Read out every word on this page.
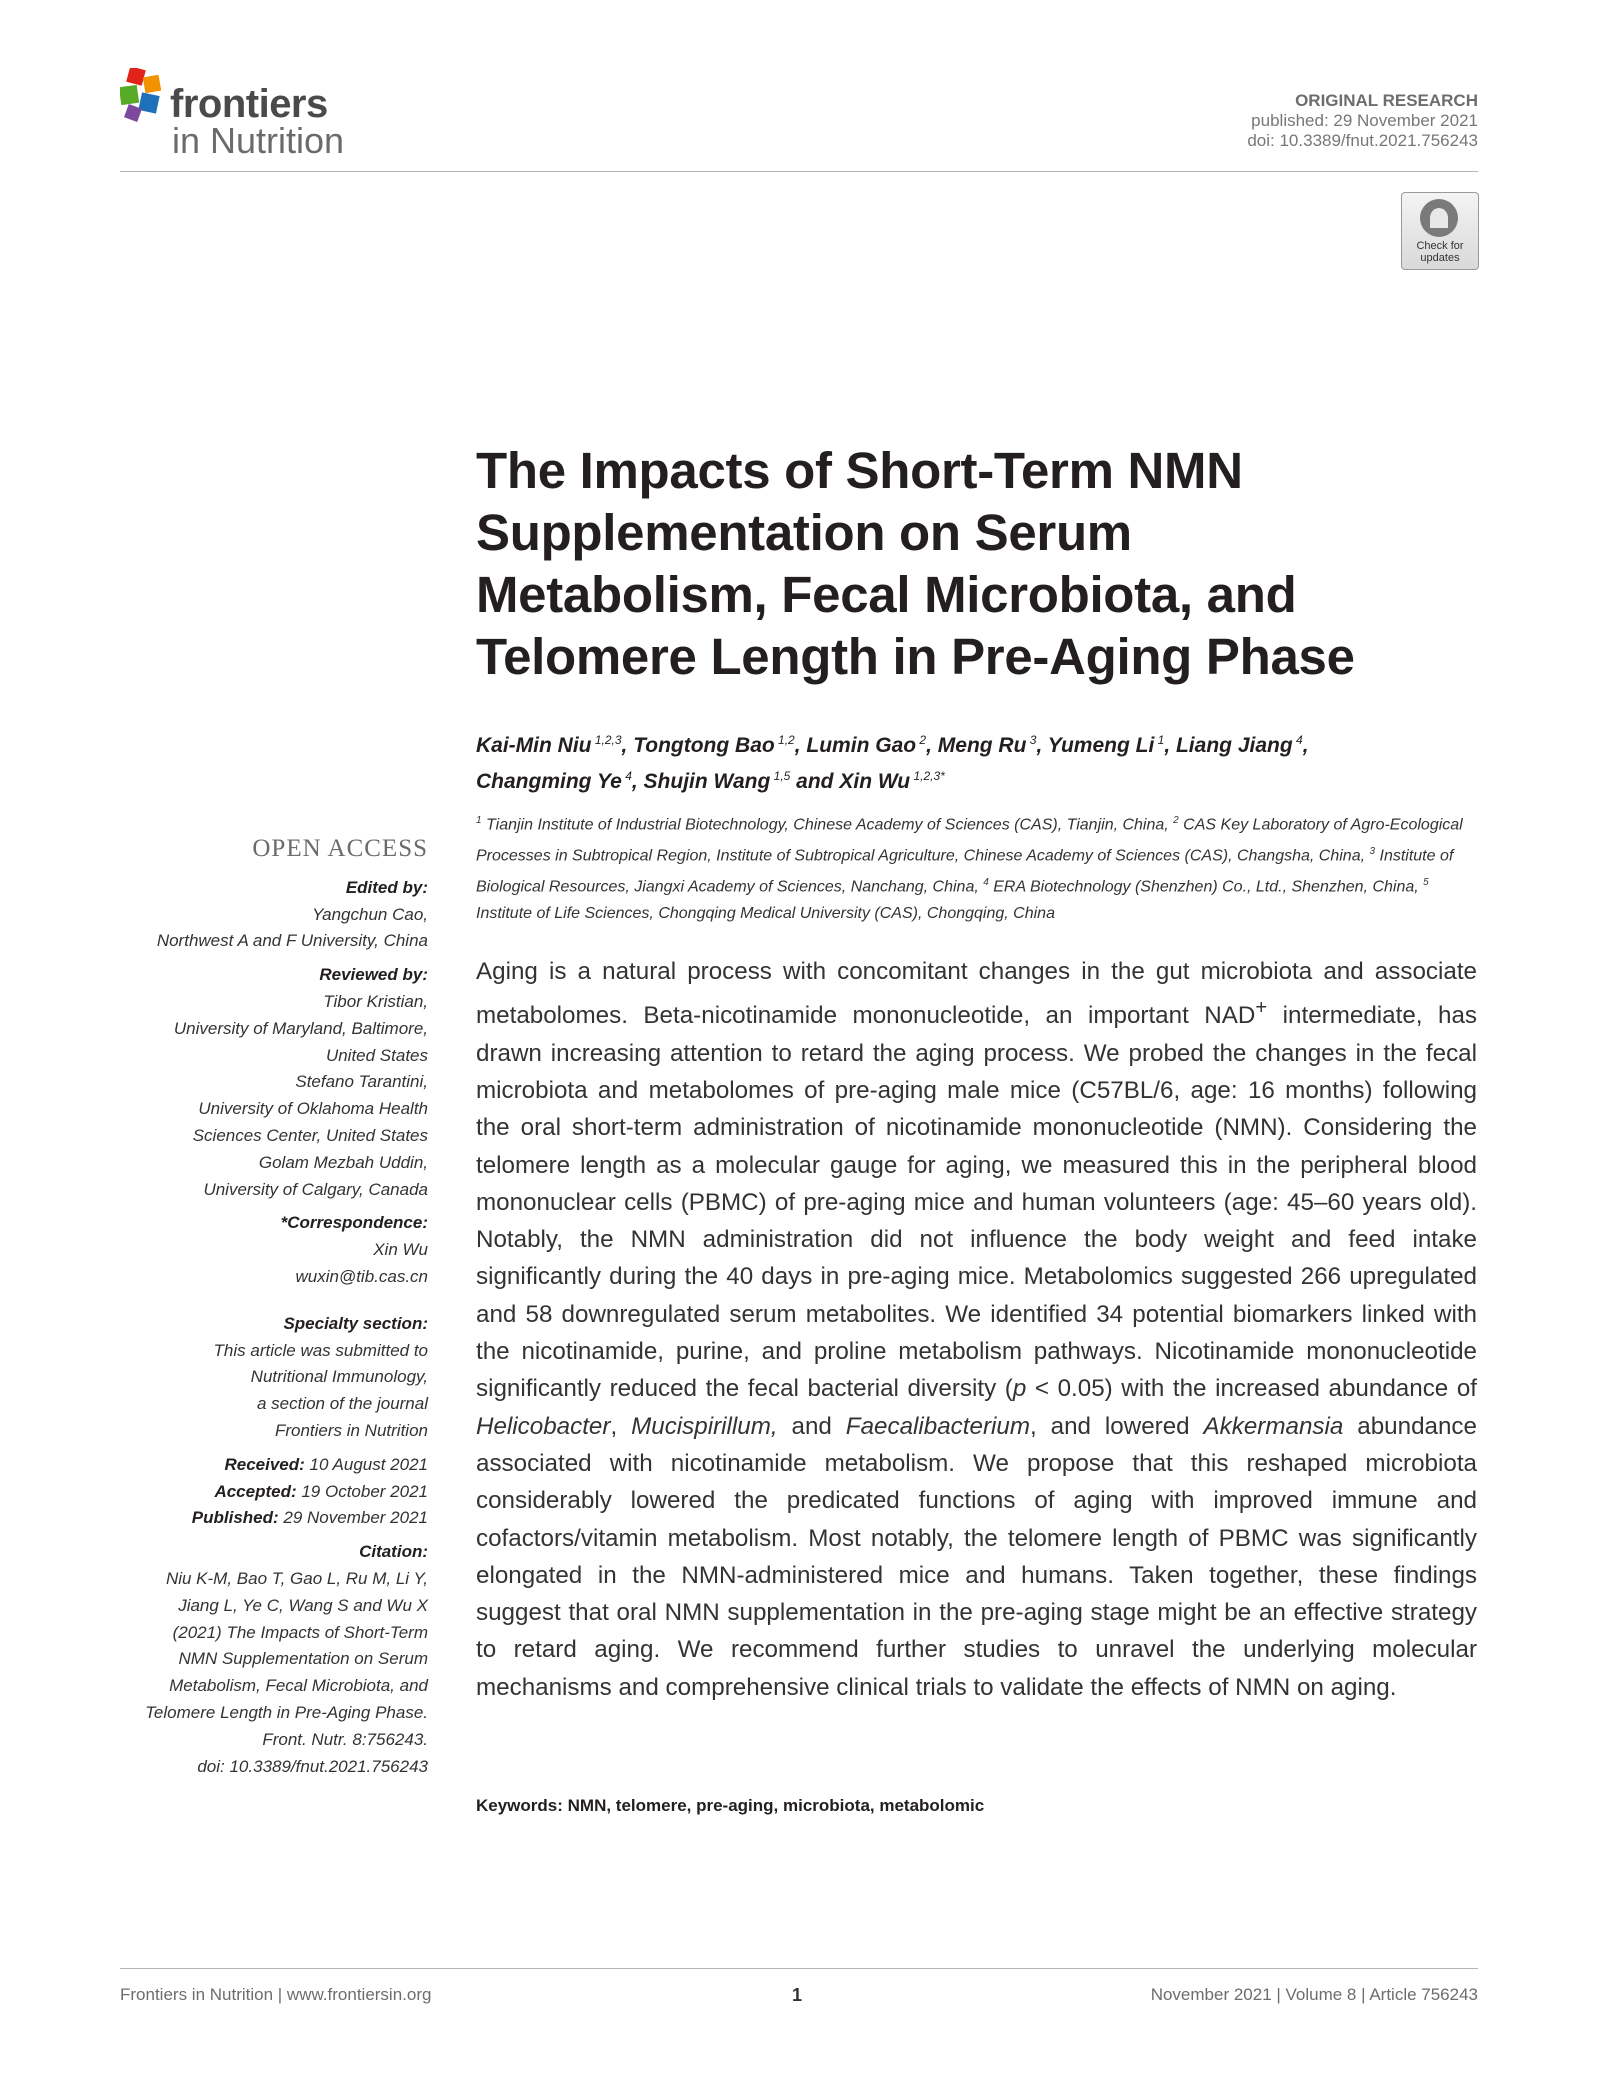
frontiers
in Nutrition
ORIGINAL RESEARCH
published: 29 November 2021
doi: 10.3389/fnut.2021.756243
Check for
updates
The Impacts of Short-Term NMN
Supplementation on Serum
Metabolism, Fecal Microbiota, and
Telomere Length in Pre-Aging Phase
Kai-Min Niu $^{1,2,3}$, Tongtong Bao $^{1,2}$, Lumin Gao $^2$, Meng Ru $^3$, Yumeng Li $^1$, Liang Jiang $^4$,
Changming Ye $^4$, Shujin Wang $^{1,5}$ and Xin Wu $^{1,2,3*}$
$^1$ Tianjin Institute of Industrial Biotechnology, Chinese Academy of Sciences (CAS), Tianjin, China, $^2$ CAS Key Laboratory of Agro-Ecological Processes in Subtropical Region, Institute of Subtropical Agriculture, Chinese Academy of Sciences (CAS), Changsha, China, $^3$ Institute of Biological Resources, Jiangxi Academy of Sciences, Nanchang, China, $^4$ ERA Biotechnology (Shenzhen) Co., Ltd., Shenzhen, China, $^5$ Institute of Life Sciences, Chongqing Medical University (CAS), Chongqing, China
Aging is a natural process with concomitant changes in the gut microbiota and associate metabolomes. Beta-nicotinamide mononucleotide, an important NAD+ intermediate, has drawn increasing attention to retard the aging process. We probed the changes in the fecal microbiota and metabolomes of pre-aging male mice (C57BL/6, age: 16 months) following the oral short-term administration of nicotinamide mononucleotide (NMN). Considering the telomere length as a molecular gauge for aging, we measured this in the peripheral blood mononuclear cells (PBMC) of pre-aging mice and human volunteers (age: 45–60 years old). Notably, the NMN administration did not influence the body weight and feed intake significantly during the 40 days in pre-aging mice. Metabolomics suggested 266 upregulated and 58 downregulated serum metabolites. We identified 34 potential biomarkers linked with the nicotinamide, purine, and proline metabolism pathways. Nicotinamide mononucleotide significantly reduced the fecal bacterial diversity (p < 0.05) with the increased abundance of Helicobacter, Mucispirillum, and Faecalibacterium, and lowered Akkermansia abundance associated with nicotinamide metabolism. We propose that this reshaped microbiota considerably lowered the predicated functions of aging with improved immune and cofactors/vitamin metabolism. Most notably, the telomere length of PBMC was significantly elongated in the NMN-administered mice and humans. Taken together, these findings suggest that oral NMN supplementation in the pre-aging stage might be an effective strategy to retard aging. We recommend further studies to unravel the underlying molecular mechanisms and comprehensive clinical trials to validate the effects of NMN on aging.
Keywords: NMN, telomere, pre-aging, microbiota, metabolomic
OPEN ACCESS
Edited by:
Yangchun Cao,
Northwest A and F University, China
Reviewed by:
Tibor Kristian,
University of Maryland, Baltimore,
United States
Stefano Tarantini,
University of Oklahoma Health
Sciences Center, United States
Golam Mezbah Uddin,
University of Calgary, Canada
*Correspondence:
Xin Wu
wuxin@tib.cas.cn
Specialty section:
This article was submitted to
Nutritional Immunology,
a section of the journal
Frontiers in Nutrition
Received: 10 August 2021
Accepted: 19 October 2021
Published: 29 November 2021
Citation:
Niu K-M, Bao T, Gao L, Ru M, Li Y,
Jiang L, Ye C, Wang S and Wu X
(2021) The Impacts of Short-Term
NMN Supplementation on Serum
Metabolism, Fecal Microbiota, and
Telomere Length in Pre-Aging Phase.
Front. Nutr. 8:756243.
doi: 10.3389/fnut.2021.756243
Frontiers in Nutrition | www.frontiersin.org	1	November 2021 | Volume 8 | Article 756243
